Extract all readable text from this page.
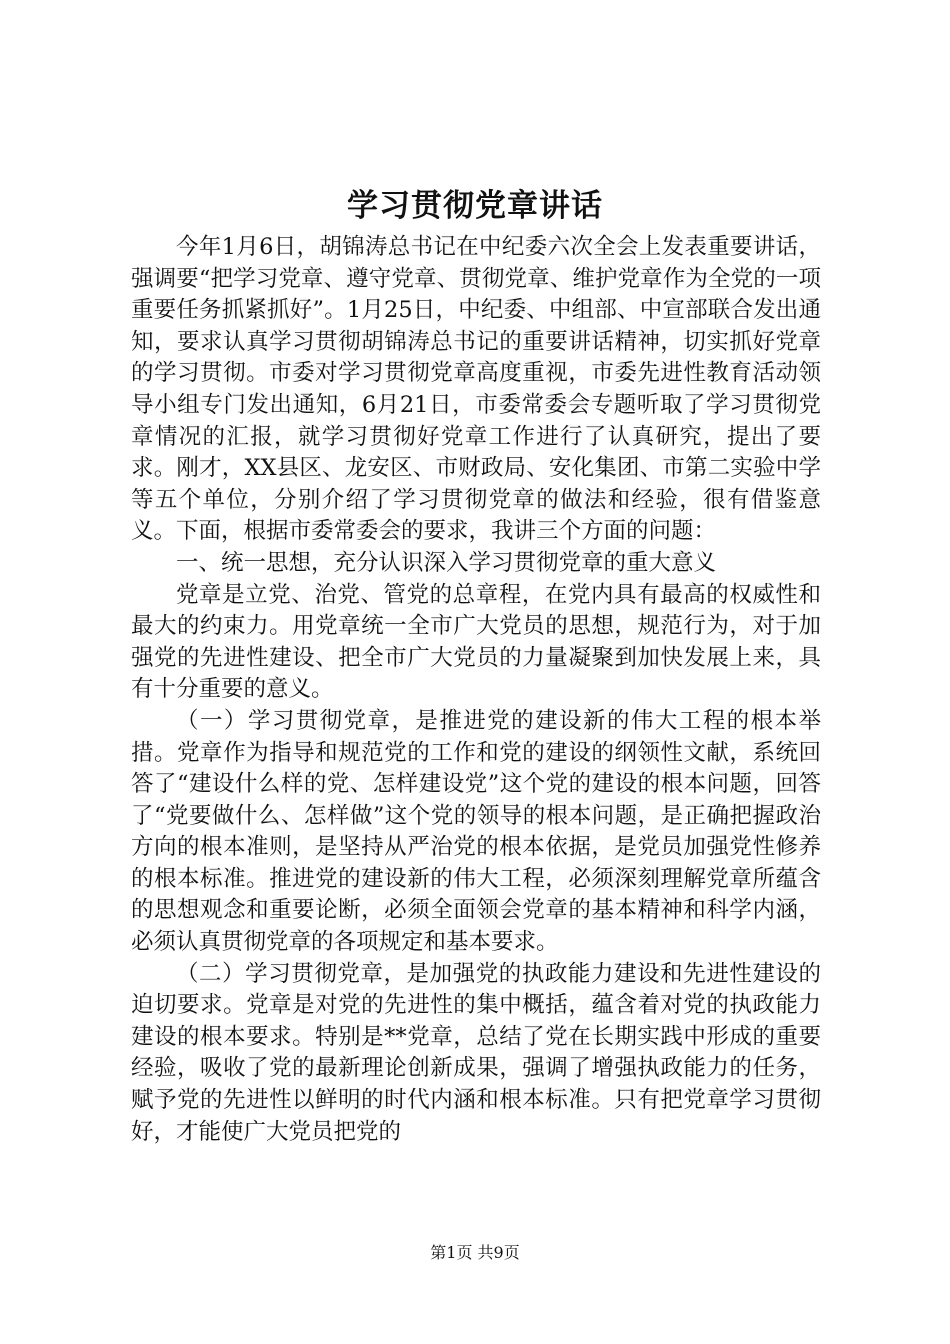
学习贯彻党章讲话

今年1月6日，胡锦涛总书记在中纪委六次全会上发表重要讲话，强调要“把学习党章、遵守党章、贯彻党章、维护党章作为全党的一项重要任务抓紧抓好”。1月25日，中纪委、中组部、中宣部联合发出通知，要求认真学习贯彻胡锦涛总书记的重要讲话精神，切实抓好党章的学习贯彻。市委对学习贯彻党章高度重视，市委先进性教育活动领导小组专门发出通知，6月21日，市委常委会专题听取了学习贯彻党章情况的汇报，就学习贯彻好党章工作进行了认真研究，提出了要求。刚才，XX县区、龙安区、市财政局、安化集团、市第二实验中学等五个单位，分别介绍了学习贯彻党章的做法和经验，很有借鉴意义。下面，根据市委常委会的要求，我讲三个方面的问题：

一、统一思想，充分认识深入学习贯彻党章的重大意义

党章是立党、治党、管党的总章程，在党内具有最高的权威性和最大的约束力。用党章统一全市广大党员的思想，规范行为，对于加强党的先进性建设、把全市广大党员的力量凝聚到加快发展上来，具有十分重要的意义。

（一）学习贯彻党章，是推进党的建设新的伟大工程的根本举措。党章作为指导和规范党的工作和党的建设的纲领性文献，系统回答了“建设什么样的党、怎样建设党”这个党的建设的根本问题，回答了“党要做什么、怎样做”这个党的领导的根本问题，是正确把握政治方向的根本准则，是坚持从严治党的根本依据，是党员加强党性修养的根本标准。推进党的建设新的伟大工程，必须深刻理解党章所蕴含的思想观念和重要论断，必须全面领会党章的基本精神和科学内涵，必须认真贯彻党章的各项规定和基本要求。

（二）学习贯彻党章，是加强党的执政能力建设和先进性建设的迫切要求。党章是对党的先进性的集中概括，蕴含着对党的执政能力建设的根本要求。特别是**党章，总结了党在长期实践中形成的重要经验，吸收了党的最新理论创新成果，强调了增强执政能力的任务，赋予党的先进性以鲜明的时代内涵和根本标准。只有把党章学习贯彻好，才能使广大党员把党的

第1页 共9页
